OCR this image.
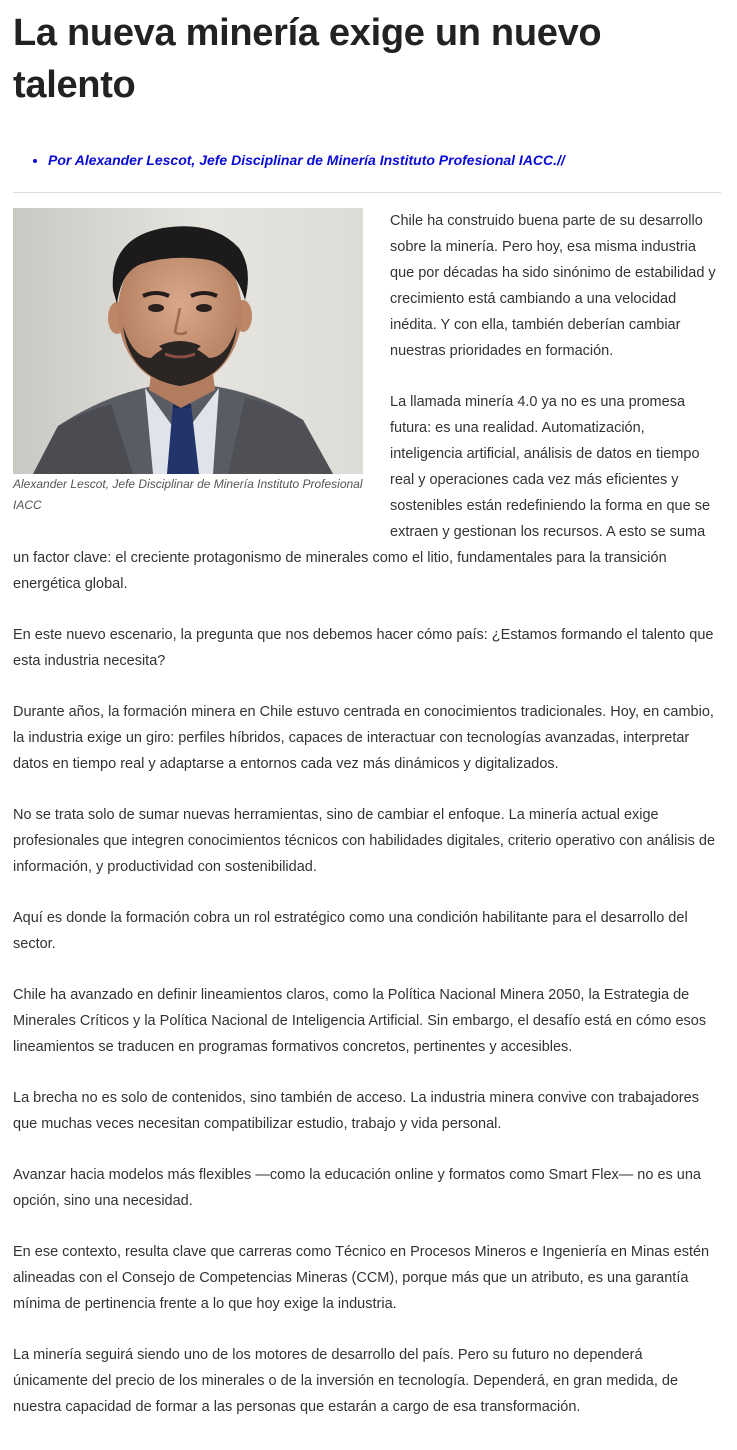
La nueva minería exige un nuevo talento
• Por Alexander Lescot, Jefe Disciplinar de Minería Instituto Profesional IACC.//

Alexander Lescot, Jefe Disciplinar de Minería Instituto Profesional IACC

Chile ha construido buena parte de su desarrollo sobre la minería. Pero hoy, esa misma industria que por décadas ha sido sinónimo de estabilidad y crecimiento está cambiando a una velocidad inédita. Y con ella, también deberían cambiar nuestras prioridades en formación.

La llamada minería 4.0 ya no es una promesa futura: es una realidad. Automatización, inteligencia artificial, análisis de datos en tiempo real y operaciones cada vez más eficientes y sostenibles están redefiniendo la forma en que se extraen y gestionan los recursos. A esto se suma un factor clave: el creciente protagonismo de minerales como el litio, fundamentales para la transición energética global.

En este nuevo escenario, la pregunta que nos debemos hacer cómo país: ¿Estamos formando el talento que esta industria necesita?

Durante años, la formación minera en Chile estuvo centrada en conocimientos tradicionales. Hoy, en cambio, la industria exige un giro: perfiles híbridos, capaces de interactuar con tecnologías avanzadas, interpretar datos en tiempo real y adaptarse a entornos cada vez más dinámicos y digitalizados.

No se trata solo de sumar nuevas herramientas, sino de cambiar el enfoque. La minería actual exige profesionales que integren conocimientos técnicos con habilidades digitales, criterio operativo con análisis de información, y productividad con sostenibilidad.

Aquí es donde la formación cobra un rol estratégico como una condición habilitante para el desarrollo del sector.

Chile ha avanzado en definir lineamientos claros, como la Política Nacional Minera 2050, la Estrategia de Minerales Críticos y la Política Nacional de Inteligencia Artificial. Sin embargo, el desafío está en cómo esos lineamientos se traducen en programas formativos concretos, pertinentes y accesibles.

La brecha no es solo de contenidos, sino también de acceso. La industria minera convive con trabajadores que muchas veces necesitan compatibilizar estudio, trabajo y vida personal.

Avanzar hacia modelos más flexibles —como la educación online y formatos como Smart Flex— no es una opción, sino una necesidad.

En ese contexto, resulta clave que carreras como Técnico en Procesos Mineros e Ingeniería en Minas estén alineadas con el Consejo de Competencias Mineras (CCM), porque más que un atributo, es una garantía mínima de pertinencia frente a lo que hoy exige la industria.

La minería seguirá siendo uno de los motores de desarrollo del país. Pero su futuro no dependerá únicamente del precio de los minerales o de la inversión en tecnología. Dependerá, en gran medida, de nuestra capacidad de formar a las personas que estarán a cargo de esa transformación.
